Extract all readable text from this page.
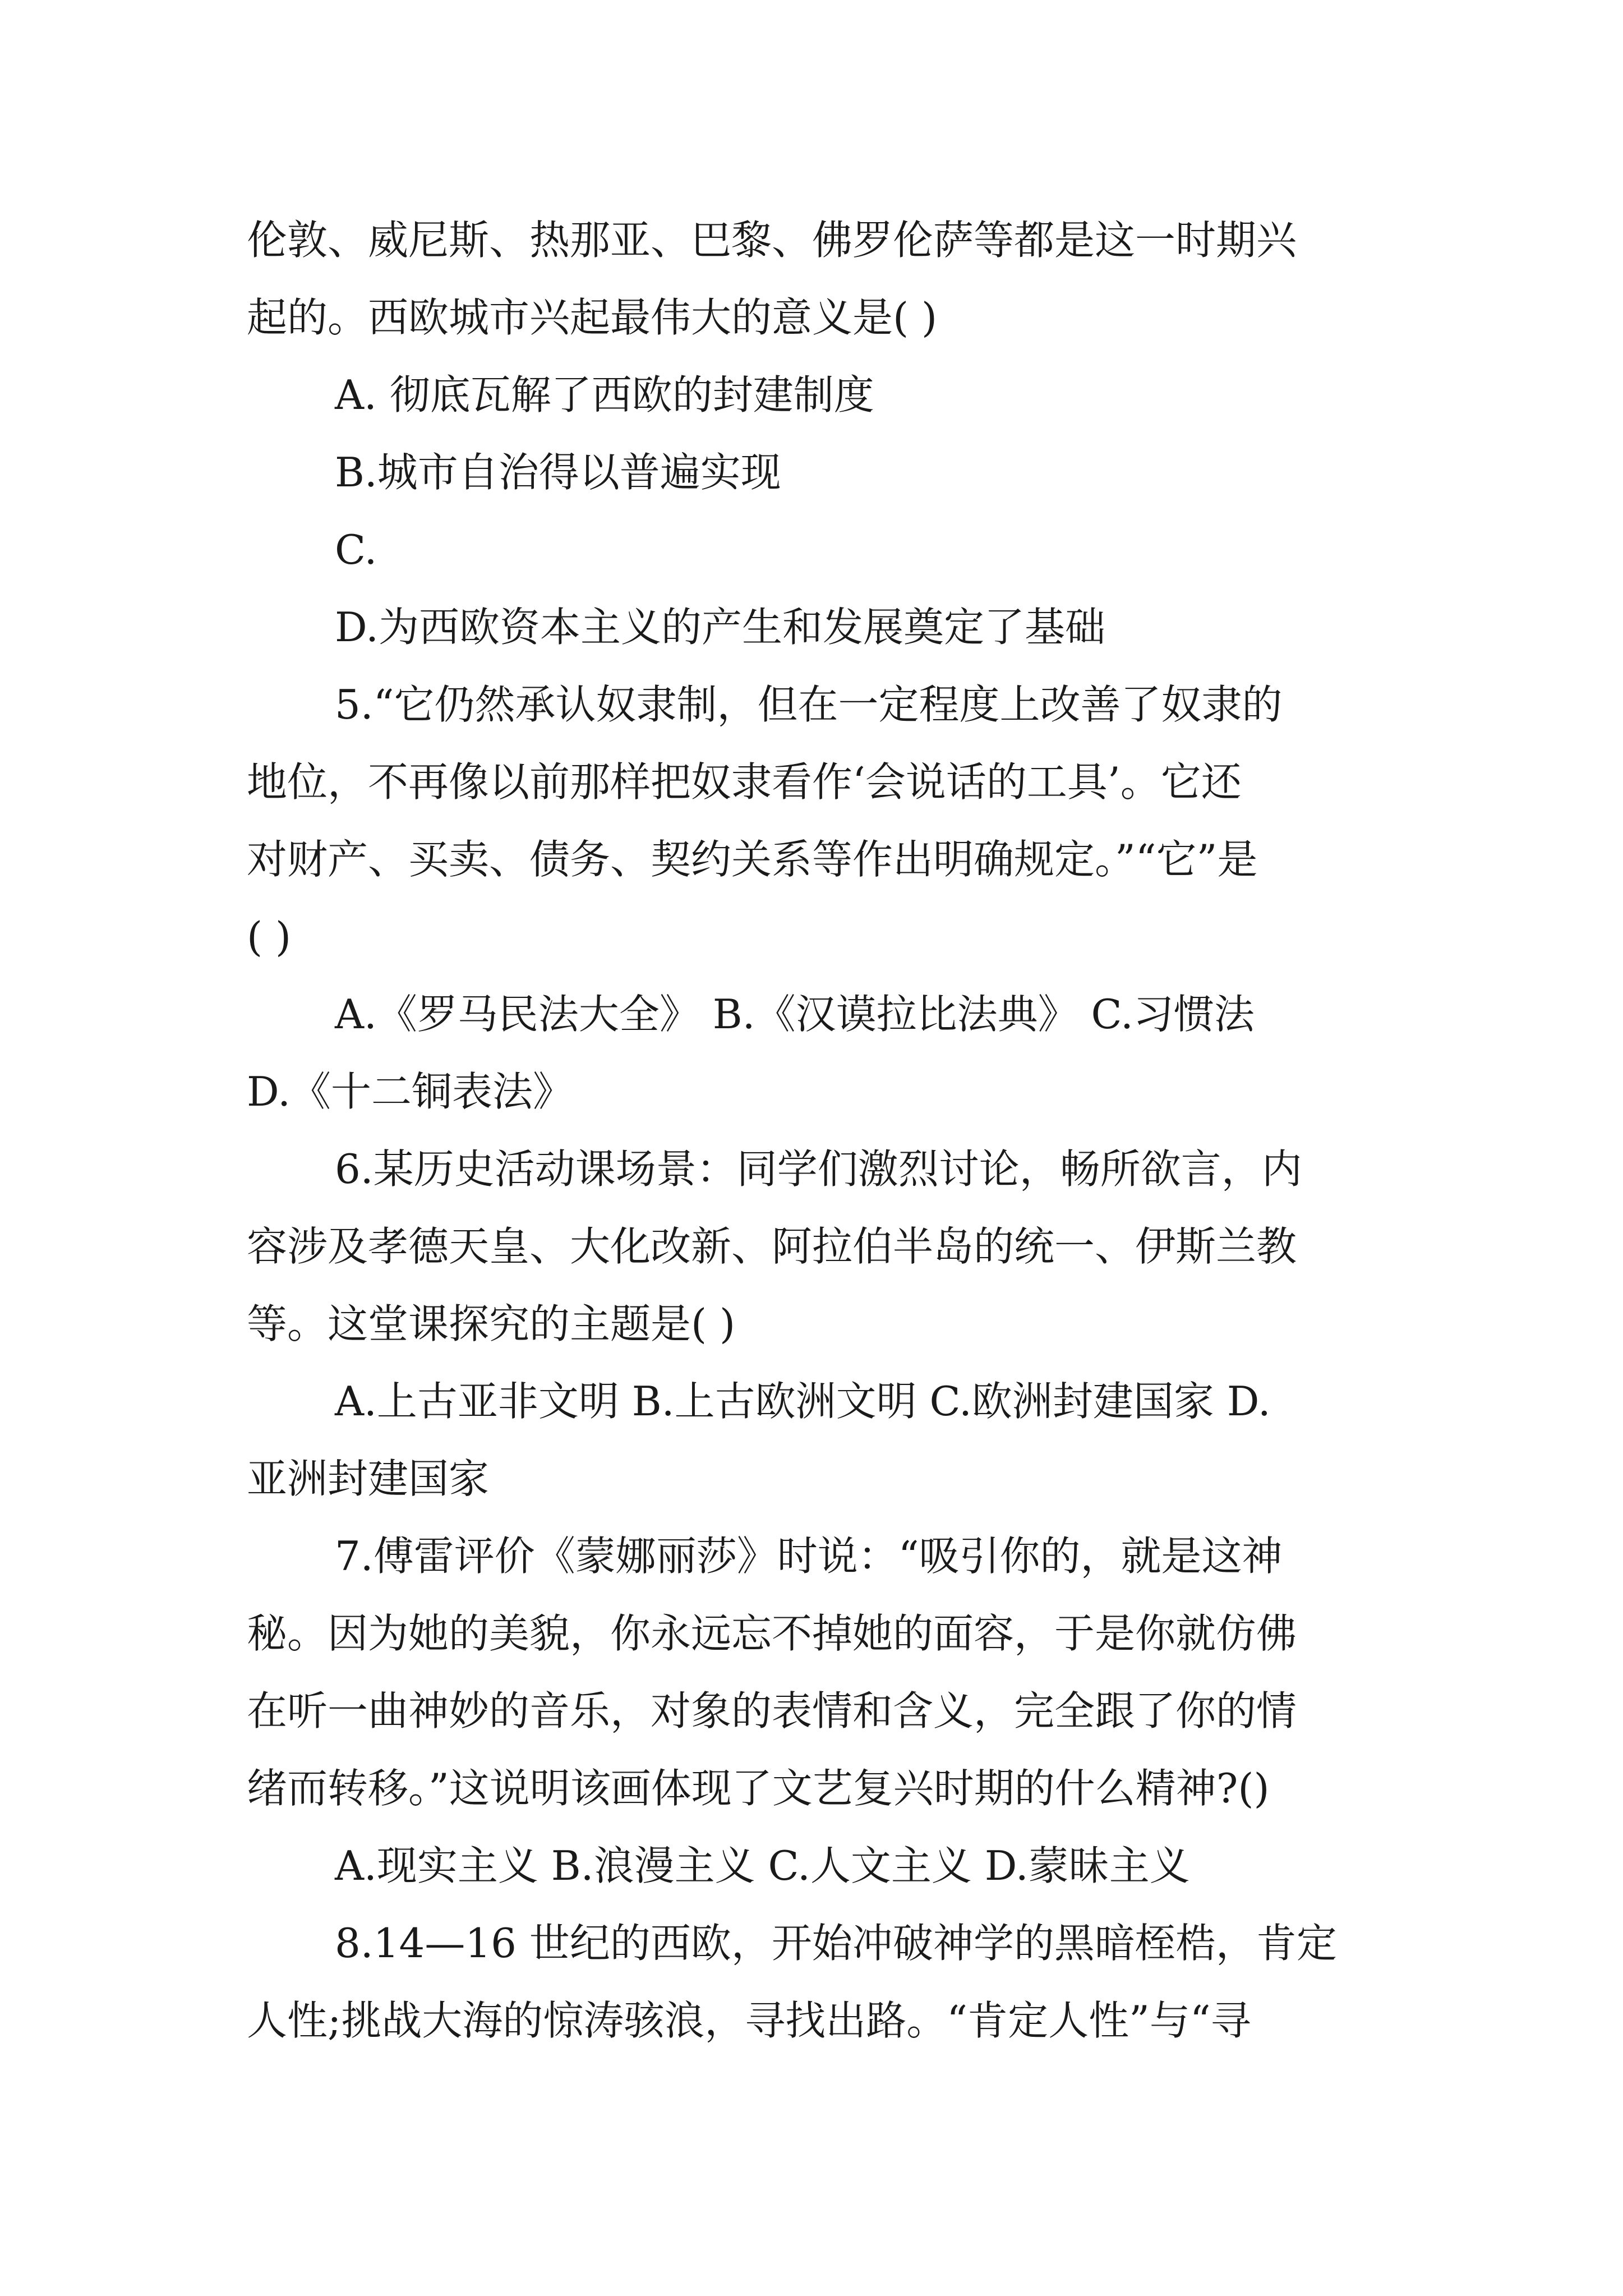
伦敦、威尼斯、热那亚、巴黎、佛罗伦萨等都是这一时期兴
起的。西欧城市兴起最伟大的意义是( )
A. 彻底瓦解了西欧的封建制度
B.城市自治得以普遍实现
C.
D.为西欧资本主义的产生和发展奠定了基础
5.“它仍然承认奴隶制，但在一定程度上改善了奴隶的
地位，不再像以前那样把奴隶看作‘会说话的工具’。它还
对财产、买卖、债务、契约关系等作出明确规定。”“它”是
( )
A.《罗马民法大全》 B.《汉谟拉比法典》 C.习惯法
D.《十二铜表法》
6.某历史活动课场景：同学们激烈讨论，畅所欲言，内
容涉及孝德天皇、大化改新、阿拉伯半岛的统一、伊斯兰教
等。这堂课探究的主题是( )
A.上古亚非文明 B.上古欧洲文明 C.欧洲封建国家 D.
亚洲封建国家
7.傅雷评价《蒙娜丽莎》时说：“吸引你的，就是这神
秘。因为她的美貌，你永远忘不掉她的面容，于是你就仿佛
在听一曲神妙的音乐，对象的表情和含义，完全跟了你的情
绪而转移。”这说明该画体现了文艺复兴时期的什么精神?()
A.现实主义 B.浪漫主义 C.人文主义 D.蒙昧主义
8.14—16 世纪的西欧，开始冲破神学的黑暗桎梏，肯定
人性;挑战大海的惊涛骇浪，寻找出路。“肯定人性”与“寻
